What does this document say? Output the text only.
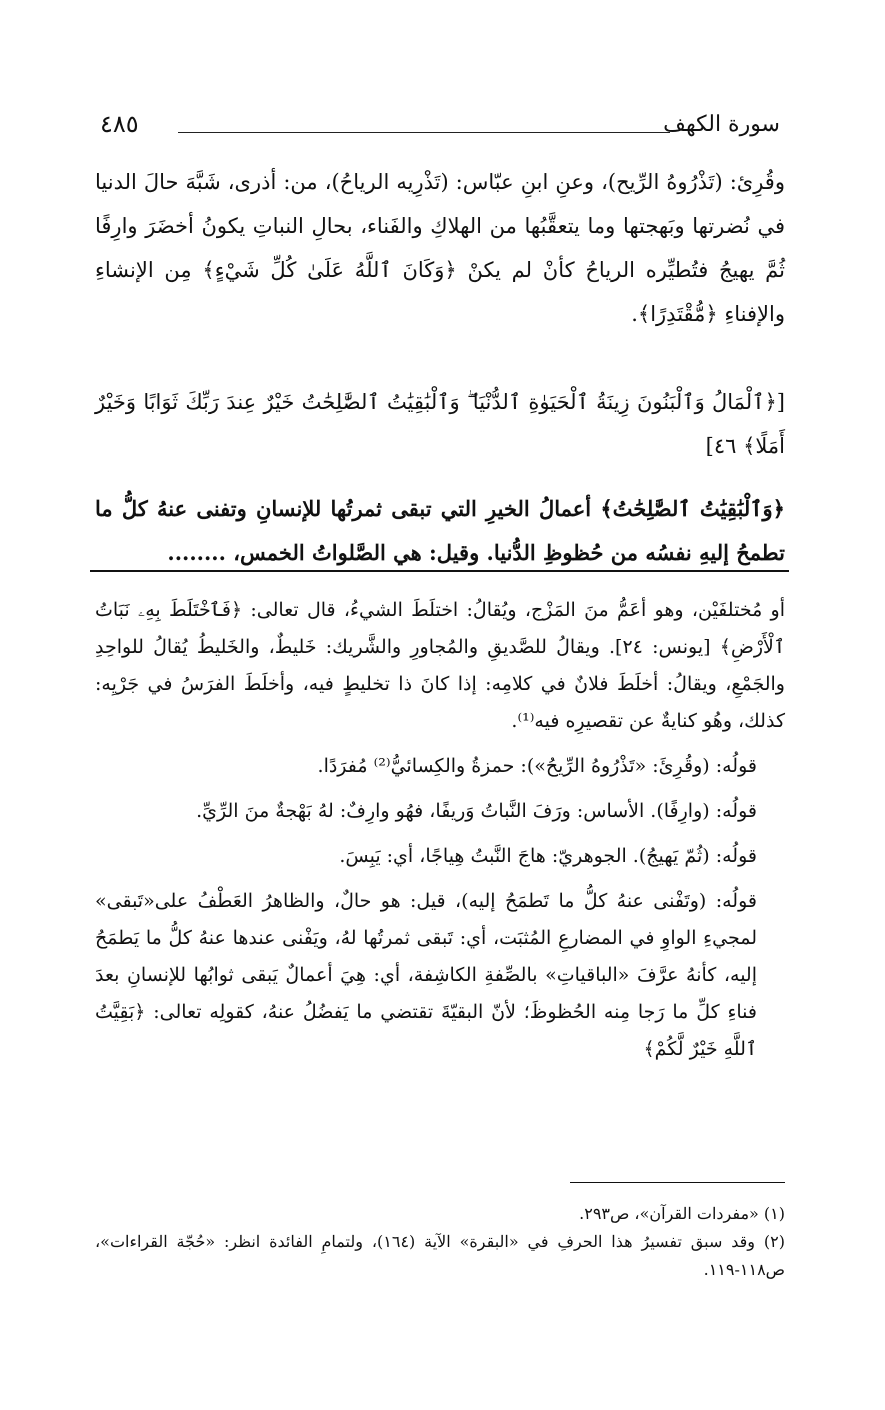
سورة الكهف
٤٨٥
وقُرِئ: (تَذْرُوهُ الرِّيح)، وعنِ ابنِ عبّاس: (تَذْرِيه الرياحُ)، من: أذرى، شَبَّهَ حالَ الدنيا في نُضرتها وبَهجتها وما يتعقَّبُها من الهلاكِ والفَناء، بحالِ النباتِ يكونُ أخضَرَ وارِفًا ثُمَّ يهيجُ فتُطيِّره الرياحُ كأنْ لم يكنْ ﴿وَكَانَ ٱللَّهُ عَلَىٰ كُلِّ شَيْءٍ﴾ مِن الإنشاءِ والإفناءِ ﴿مُّقْتَدِرًا﴾.
[﴿ٱلْمَالُ وَٱلْبَنُونَ زِينَةُ ٱلْحَيَوٰةِ ٱلدُّنْيَا ۖ وَٱلْبَٰقِيَٰتُ ٱلصَّٰلِحَٰتُ خَيْرٌ عِندَ رَبِّكَ ثَوَابًا وَخَيْرٌ أَمَلًا﴾ ٤٦]
﴿وَٱلْبَٰقِيَٰتُ ٱلصَّٰلِحَٰتُ﴾ أعمالُ الخيرِ التي تبقى ثمرتُها للإنسانِ وتفنى عنهُ كلُّ ما تطمحُ إليهِ نفسُه من حُظوظِ الدُّنيا. وقيل: هي الصَّلواتُ الخمس، ........
أو مُختلفَيْن، وهو أعَمُّ منَ المَزْج، ويُقالُ: اختلَطَ الشيءُ، قال تعالى: ﴿فَٱخْتَلَطَ بِهِۦ نَبَاتُ ٱلْأَرْضِ﴾ [يونس: ٢٤]. ويقالُ للصَّديقِ والمُجاورِ والشَّريك: خَليطٌ، والخَليطُ يُقالُ للواحِدِ والجَمْعِ، ويقالُ: أخلَطَ فلانٌ في كلامِه: إذا كانَ ذا تخليطٍ فيه، وأخلَطَ الفرَسُ في جَرْيِه: كذلك، وهُو كنايةٌ عن تقصيرِه فيه⁽¹⁾.
قولُه: (وقُرِئَ: «تَذْرُوهُ الرِّيحُ»): حمزةُ والكِسائيُّ⁽²⁾ مُفرَدًا.
قولُه: (وارِفًا). الأساس: ورَفَ النَّباتُ وَريفًا، فهُو وارِفٌ: لهُ بَهْجةٌ منَ الرِّيِّ.
قولُه: (ثُمّ يَهيجُ). الجوهريّ: هاجَ النَّبتُ هِياجًا، أي: يَبِسَ.
قولُه: (وتَفْنى عنهُ كلُّ ما تَطمَحُ إليه)، قيل: هو حالٌ، والظاهرُ العَطْفُ على«تَبقى» لمجيءِ الواوِ في المضارعِ المُثبَت، أي: تَبقى ثمرتُها لهُ، ويَفْنى عندها عنهُ كلُّ ما يَطمَحُ إليه، كأنهُ عرَّفَ «الباقياتِ» بالصِّفةِ الكاشِفة، أي: هِيَ أعمالٌ يَبقى ثوابُها للإنسانِ بعدَ فناءِ كلِّ ما رَجا مِنه الحُظوظَ؛ لأنّ البقيّةَ تقتضي ما يَفضُلُ عنهُ، كقولِه تعالى: ﴿بَقِيَّتُ ٱللَّهِ خَيْرٌ لَّكُمْ﴾
(١) «مفردات القرآن»، ص٢٩٣.
(٢) وقد سبق تفسيرُ هذا الحرفِ في «البقرة» الآية (١٦٤)، ولتمامِ الفائدة انظر: «حُجّة القراءات»، ص١١٨-١١٩.
